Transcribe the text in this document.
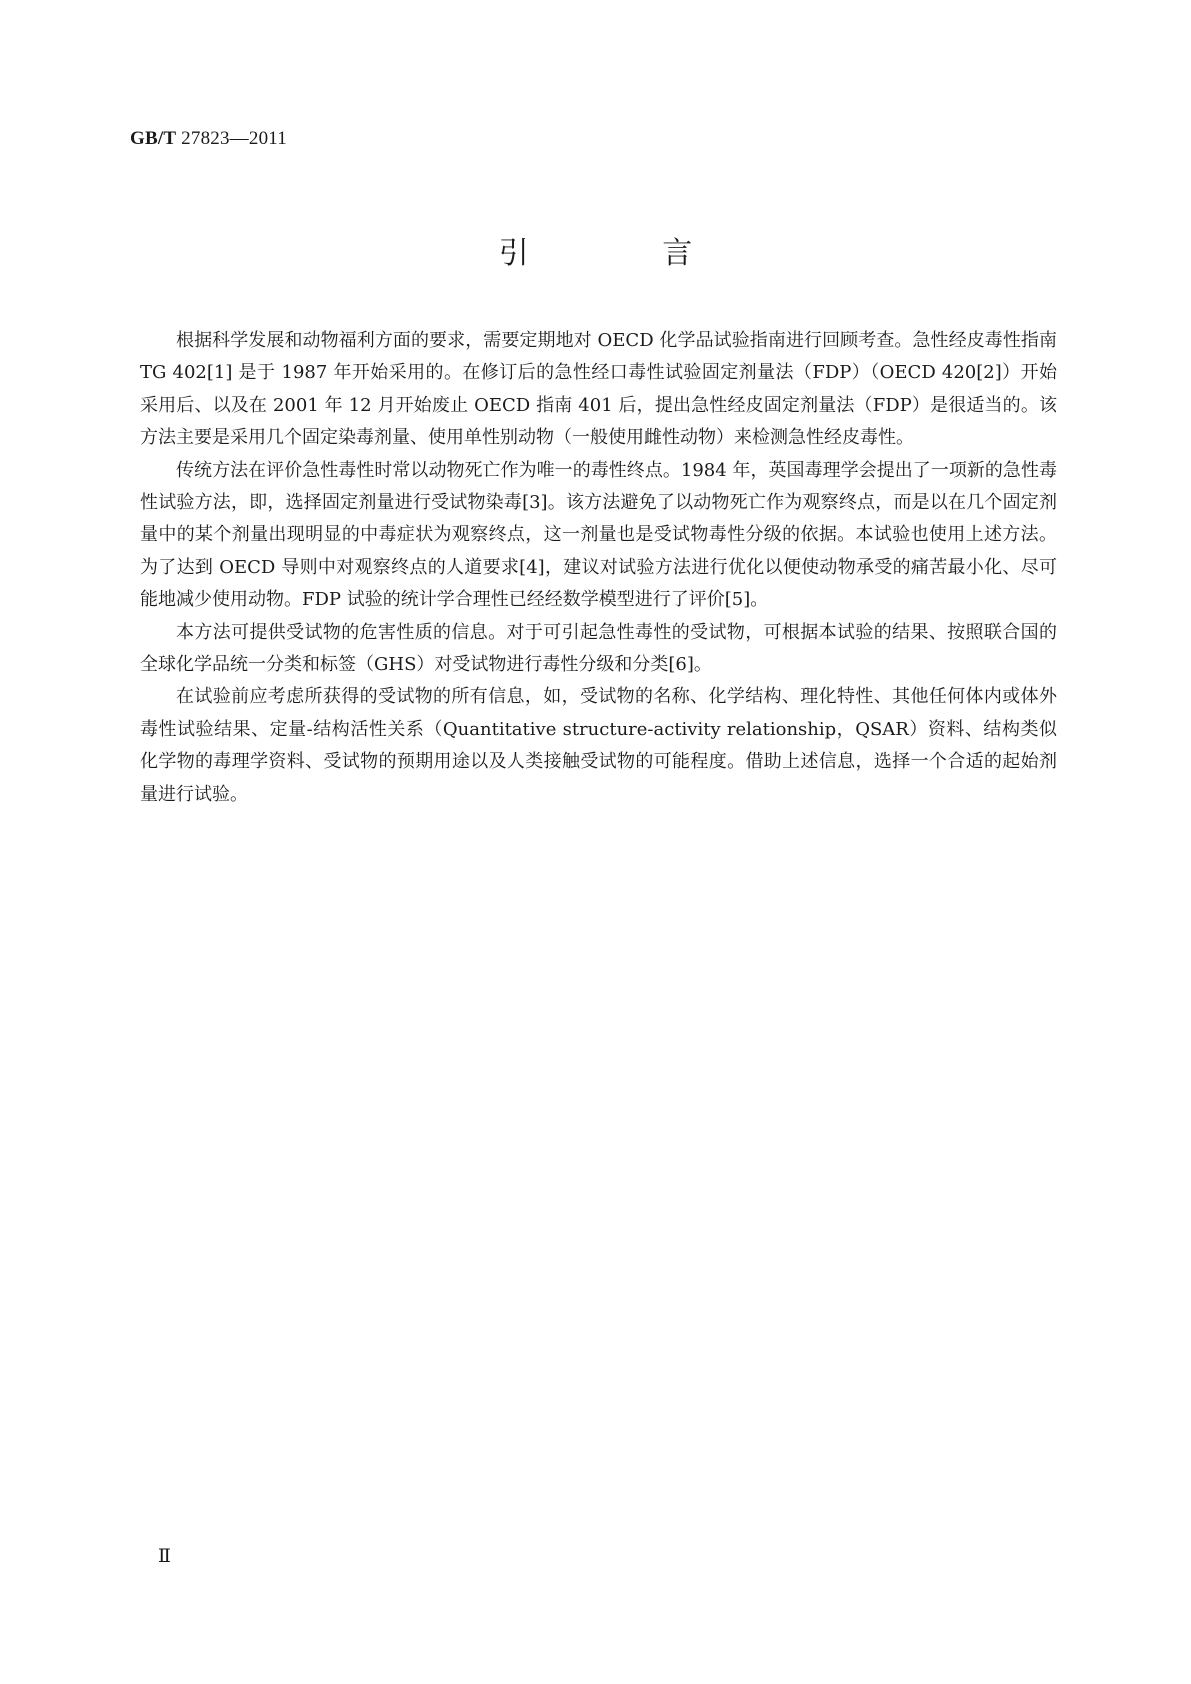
GB/T 27823—2011
引 言

根据科学发展和动物福利方面的要求，需要定期地对 OECD 化学品试验指南进行回顾考查。急性经皮毒性指南 TG 402[1] 是于 1987 年开始采用的。在修订后的急性经口毒性试验固定剂量法（FDP）（OECD 420[2]）开始采用后、以及在 2001 年 12 月开始废止 OECD 指南 401 后，提出急性经皮固定剂量法（FDP）是很适当的。该方法主要是采用几个固定染毒剂量、使用单性别动物（一般使用雌性动物）来检测急性经皮毒性。

传统方法在评价急性毒性时常以动物死亡作为唯一的毒性终点。1984 年，英国毒理学会提出了一项新的急性毒性试验方法，即，选择固定剂量进行受试物染毒[3]。该方法避免了以动物死亡作为观察终点，而是以在几个固定剂量中的某个剂量出现明显的中毒症状为观察终点，这一剂量也是受试物毒性分级的依据。本试验也使用上述方法。为了达到 OECD 导则中对观察终点的人道要求[4]，建议对试验方法进行优化以便使动物承受的痛苦最小化、尽可能地减少使用动物。FDP 试验的统计学合理性已经经数学模型进行了评价[5]。

本方法可提供受试物的危害性质的信息。对于可引起急性毒性的受试物，可根据本试验的结果、按照联合国的全球化学品统一分类和标签（GHS）对受试物进行毒性分级和分类[6]。

在试验前应考虑所获得的受试物的所有信息，如，受试物的名称、化学结构、理化特性、其他任何体内或体外毒性试验结果、定量-结构活性关系（Quantitative structure-activity relationship，QSAR）资料、结构类似化学物的毒理学资料、受试物的预期用途以及人类接触受试物的可能程度。借助上述信息，选择一个合适的起始剂量进行试验。

Ⅱ
